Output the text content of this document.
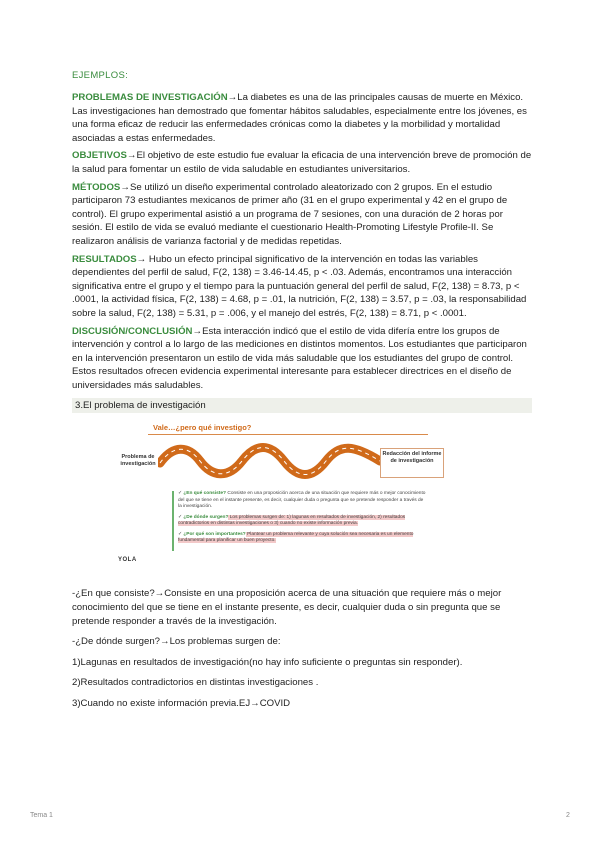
EJEMPLOS:

PROBLEMAS DE INVESTIGACIÓN→La diabetes es una de las principales causas de muerte en México. Las investigaciones han demostrado que fomentar hábitos saludables, especialmente entre los jóvenes, es una forma eficaz de reducir las enfermedades crónicas como la diabetes y la morbilidad y mortalidad asociadas a estas enfermedades.

OBJETIVOS→El objetivo de este estudio fue evaluar la eficacia de una intervención breve de promoción de la salud para fomentar un estilo de vida saludable en estudiantes universitarios.

MÉTODOS→Se utilizó un diseño experimental controlado aleatorizado con 2 grupos. En el estudio participaron 73 estudiantes mexicanos de primer año (31 en el grupo experimental y 42 en el grupo de control). El grupo experimental asistió a un programa de 7 sesiones, con una duración de 2 horas por sesión. El estilo de vida se evaluó mediante el cuestionario Health-Promoting Lifestyle Profile-II. Se realizaron análisis de varianza factorial y de medidas repetidas.

RESULTADOS→ Hubo un efecto principal significativo de la intervención en todas las variables dependientes del perfil de salud, F(2, 138) = 3.46-14.45, p < .03. Además, encontramos una interacción significativa entre el grupo y el tiempo para la puntuación general del perfil de salud, F(2, 138) = 8.73, p < .0001, la actividad física, F(2, 138) = 4.68, p = .01, la nutrición, F(2, 138) = 3.57, p = .03, la responsabilidad sobre la salud, F(2, 138) = 5.31, p = .006, y el manejo del estrés, F(2, 138) = 8.71, p < .0001.

DISCUSIÓN/CONCLUSIÓN→Esta interacción indicó que el estilo de vida difería entre los grupos de intervención y control a lo largo de las mediciones en distintos momentos. Los estudiantes que participaron en la intervención presentaron un estilo de vida más saludable que los estudiantes del grupo de control. Estos resultados ofrecen evidencia experimental interesante para establecer directrices en el diseño de universidades más saludables.

3.El problema de investigación
Vale…¿pero qué investigo?
Problema de investigación
Redacción del informe de investigación

✓ ¿En qué consiste? Consiste en una proposición acerca de una situación que requiere más o mejor conocimiento del que se tiene en el instante presente, es decir, cualquier duda o pregunta que se pretende responder a través de la investigación.

✓ ¿De dónde surgen? Los problemas surgen de: 1) lagunas en resultados de investigación, 2) resultados contradictorios en distintas investigaciones o 3) cuando no existe información previa.

✓ ¿Por qué son importantes? Plantear un problema relevante y cuya solución sea necesaria es un elemento fundamental para planificar un buen proyecto.

YOLA

-¿En que consiste?→Consiste en una proposición acerca de una situación que requiere más o mejor conocimiento del que se tiene en el instante presente, es decir, cualquier duda o sin pregunta que se pretende responder a través de la investigación.

-¿De dónde surgen?→Los problemas surgen de:

1)Lagunas en resultados de investigación(no hay info suficiente o preguntas sin responder).

2)Resultados contradictorios en distintas investigaciones .

3)Cuando no existe información previa.EJ→COVID

Tema 1	2
